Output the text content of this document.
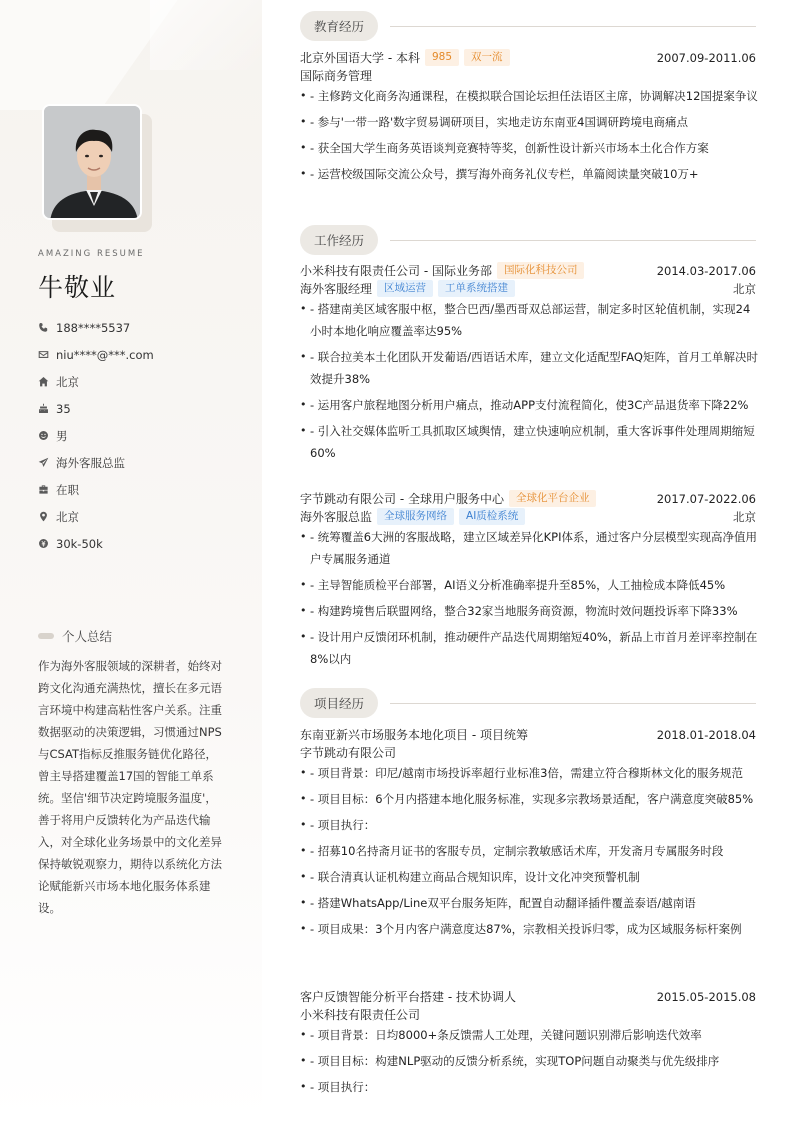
AMAZING RESUME
牛敬业
188****5537
niu****@***.com
北京
35
男
海外客服总监
在职
北京
30k-50k
个人总结
作为海外客服领域的深耕者，始终对跨文化沟通充满热忱，擅长在多元语言环境中构建高粘性客户关系。注重数据驱动的决策逻辑，习惯通过NPS与CSAT指标反推服务链优化路径，曾主导搭建覆盖17国的智能工单系统。坚信'细节决定跨境服务温度'，善于将用户反馈转化为产品迭代输入，对全球化业务场景中的文化差异保持敏锐观察力，期待以系统化方法论赋能新兴市场本地化服务体系建设。
教育经历
北京外国语大学 - 本科	985	双一流	2007.09-2011.06
国际商务管理
• - 主修跨文化商务沟通课程，在模拟联合国论坛担任法语区主席，协调解决12国提案争议
• - 参与'一带一路'数字贸易调研项目，实地走访东南亚4国调研跨境电商痛点
• - 获全国大学生商务英语谈判竞赛特等奖，创新性设计新兴市场本土化合作方案
• - 运营校级国际交流公众号，撰写海外商务礼仪专栏，单篇阅读量突破10万+
工作经历
小米科技有限责任公司 - 国际业务部	国际化科技公司	2014.03-2017.06
海外客服经理	区域运营	工单系统搭建	北京
• - 搭建南美区域客服中枢，整合巴西/墨西哥双总部运营，制定多时区轮值机制，实现24小时本地化响应覆盖率达95%
• - 联合拉美本土化团队开发葡语/西语话术库，建立文化适配型FAQ矩阵，首月工单解决时效提升38%
• - 运用客户旅程地图分析用户痛点，推动APP支付流程简化，使3C产品退货率下降22%
• - 引入社交媒体监听工具抓取区域舆情，建立快速响应机制，重大客诉事件处理周期缩短60%
字节跳动有限公司 - 全球用户服务中心	全球化平台企业	2017.07-2022.06
海外客服总监	全球服务网络	AI质检系统	北京
• - 统筹覆盖6大洲的客服战略，建立区域差异化KPI体系，通过客户分层模型实现高净值用户专属服务通道
• - 主导智能质检平台部署，AI语义分析准确率提升至85%，人工抽检成本降低45%
• - 构建跨境售后联盟网络，整合32家当地服务商资源，物流时效问题投诉率下降33%
• - 设计用户反馈闭环机制，推动硬件产品迭代周期缩短40%，新品上市首月差评率控制在8%以内
项目经历
东南亚新兴市场服务本地化项目 - 项目统筹	2018.01-2018.04
字节跳动有限公司
• - 项目背景：印尼/越南市场投诉率超行业标准3倍，需建立符合穆斯林文化的服务规范
• - 项目目标：6个月内搭建本地化服务标准，实现多宗教场景适配，客户满意度突破85%
• - 项目执行：
• - 招募10名持斋月证书的客服专员，定制宗教敏感话术库，开发斋月专属服务时段
• - 联合清真认证机构建立商品合规知识库，设计文化冲突预警机制
• - 搭建WhatsApp/Line双平台服务矩阵，配置自动翻译插件覆盖泰语/越南语
• - 项目成果：3个月内客户满意度达87%，宗教相关投诉归零，成为区域服务标杆案例
客户反馈智能分析平台搭建 - 技术协调人	2015.05-2015.08
小米科技有限责任公司
• - 项目背景：日均8000+条反馈需人工处理，关键问题识别滞后影响迭代效率
• - 项目目标：构建NLP驱动的反馈分析系统，实现TOP问题自动聚类与优先级排序
• - 项目执行：
